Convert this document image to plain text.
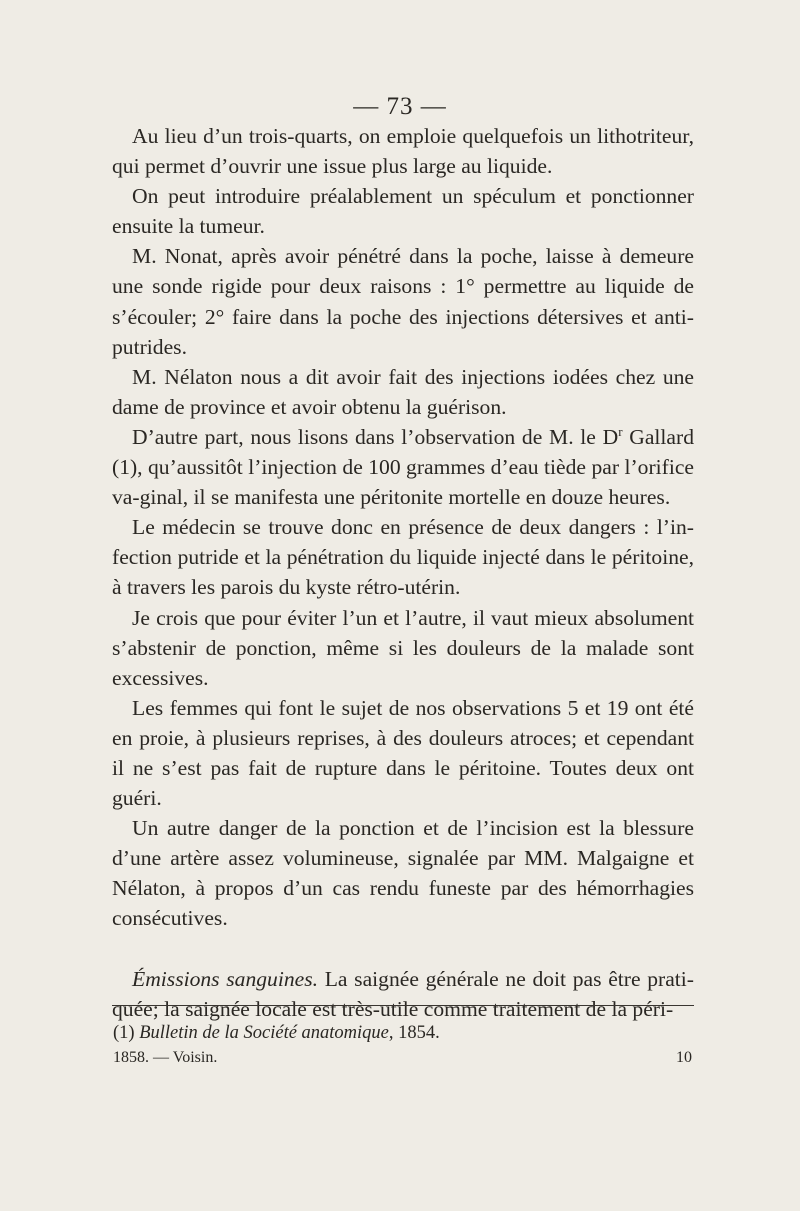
— 73 —

Au lieu d’un trois-quarts, on emploie quelquefois un lithotriteur, qui permet d’ouvrir une issue plus large au liquide.

On peut introduire préalablement un spéculum et ponctionner ensuite la tumeur.

M. Nonat, après avoir pénétré dans la poche, laisse à demeure une sonde rigide pour deux raisons : 1° permettre au liquide de s’écouler; 2° faire dans la poche des injections détersives et anti-putrides.

M. Nélaton nous a dit avoir fait des injections iodées chez une dame de province et avoir obtenu la guérison.

D’autre part, nous lisons dans l’observation de M. le $D^r$ Gallard (1), qu’aussitôt l’injection de 100 grammes d’eau tiède par l’orifice va-ginal, il se manifesta une péritonite mortelle en douze heures.

Le médecin se trouve donc en présence de deux dangers : l’in-fection putride et la pénétration du liquide injecté dans le péritoine, à travers les parois du kyste rétro-utérin.

Je crois que pour éviter l’un et l’autre, il vaut mieux absolument s’abstenir de ponction, même si les douleurs de la malade sont excessives.

Les femmes qui font le sujet de nos observations 5 et 19 ont été en proie, à plusieurs reprises, à des douleurs atroces; et cependant il ne s’est pas fait de rupture dans le péritoine. Toutes deux ont guéri.

Un autre danger de la ponction et de l’incision est la blessure d’une artère assez volumineuse, signalée par MM. Malgaigne et Nélaton, à propos d’un cas rendu funeste par des hémorrhagies consécutives.

Émissions sanguines. La saignée générale ne doit pas être prati-quée; la saignée locale est très-utile comme traitement de la péri-

(1) Bulletin de la Société anatomique, 1854.
1858. — Voisin.	10
